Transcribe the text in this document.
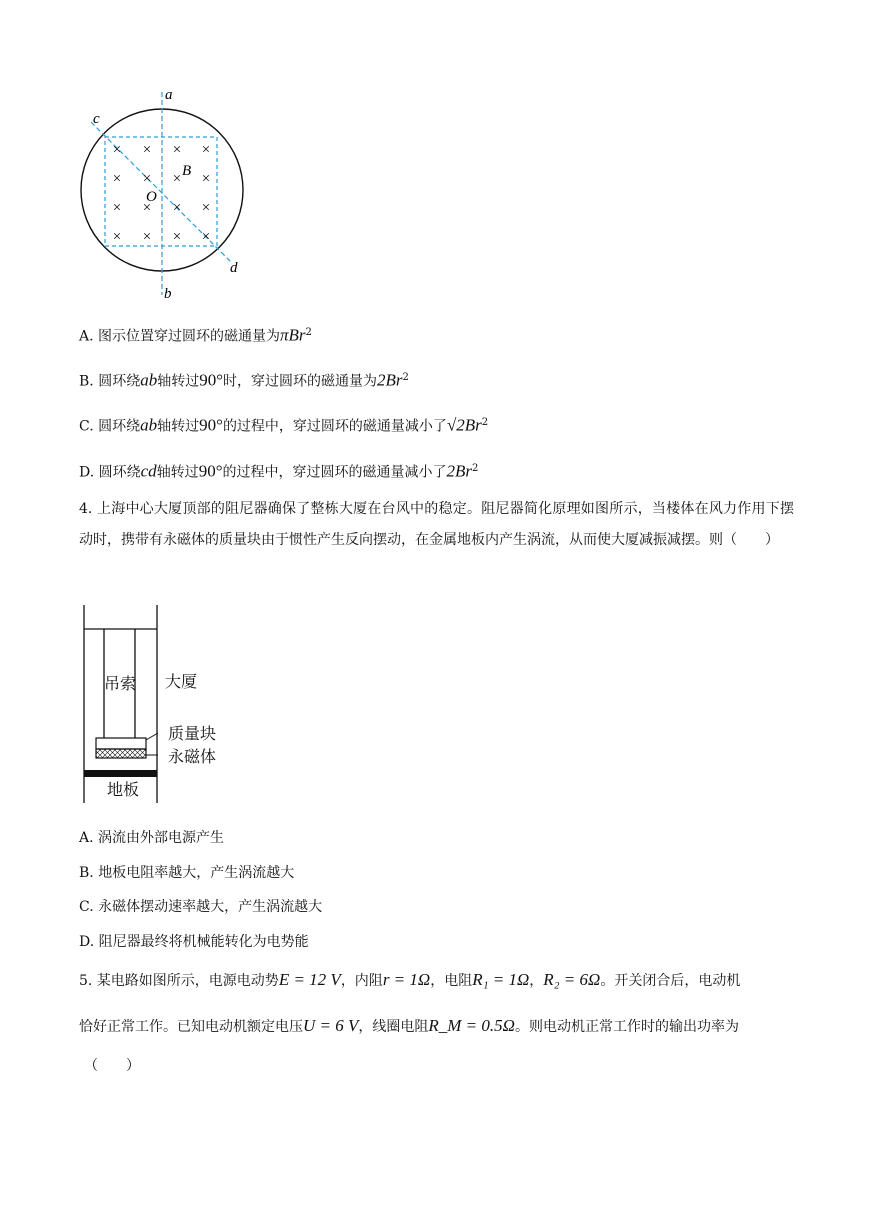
× × × ×
× × × ×
× × × ×
× × × ×
a
b
c
d
B
O
A. 图示位置穿过圆环的磁通量为πBr$^2$
B. 圆环绕ab轴转过90°时，穿过圆环的磁通量为2Br$^2$
C. 圆环绕ab轴转过90°的过程中，穿过圆环的磁通量减小了√2Br$^2$
D. 圆环绕cd轴转过90°的过程中，穿过圆环的磁通量减小了2Br$^2$
4. 上海中心大厦顶部的阻尼器确保了整栋大厦在台风中的稳定。阻尼器简化原理如图所示，当楼体在风力作用下摆动时，携带有永磁体的质量块由于惯性产生反向摆动，在金属地板内产生涡流，从而使大厦减振减摆。则（　　）
吊索 大厦
质量块
永磁体
地板
A. 涡流由外部电源产生
B. 地板电阻率越大，产生涡流越大
C. 永磁体摆动速率越大，产生涡流越大
D. 阻尼器最终将机械能转化为电势能
5. 某电路如图所示，电源电动势E = 12 V，内阻r = 1Ω，电阻R₁ = 1Ω，R₂ = 6Ω。开关闭合后，电动机
恰好正常工作。已知电动机额定电压U = 6 V，线圈电阻R_M = 0.5Ω。则电动机正常工作时的输出功率为
（　　）
